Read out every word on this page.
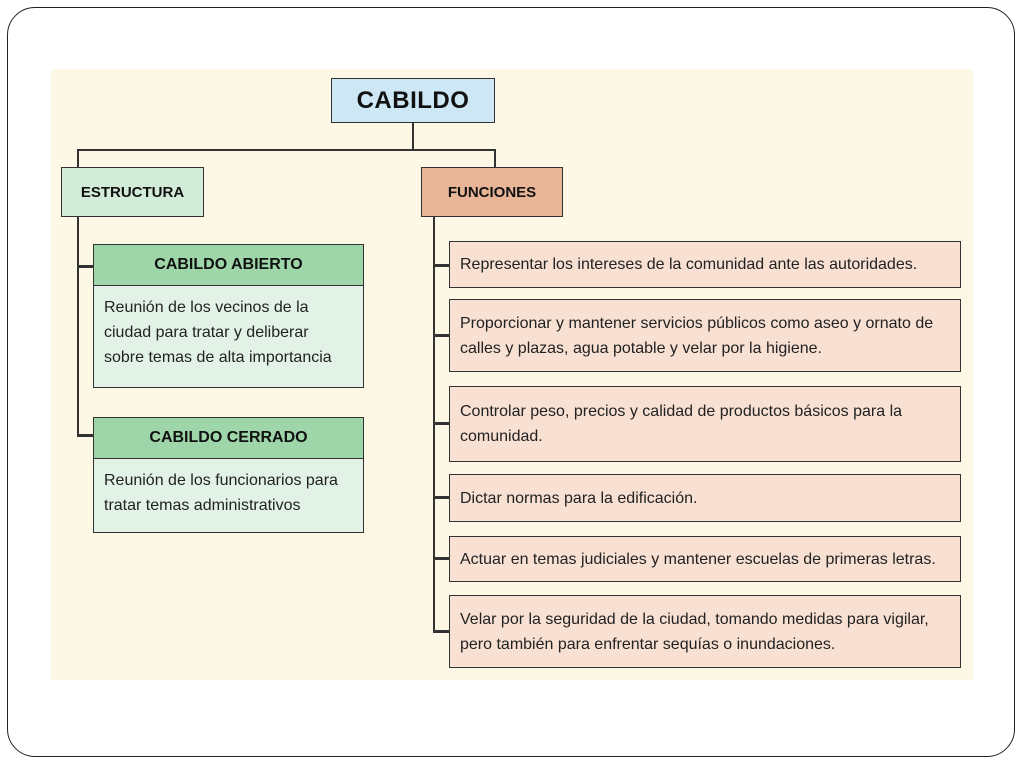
CABILDO
ESTRUCTURA	FUNCIONES
CABILDO ABIERTO
Reunión de los vecinos de la ciudad para tratar y deliberar sobre temas de alta importancia
CABILDO CERRADO
Reunión de los funcionarios para tratar temas administrativos
Representar los intereses de la comunidad ante las autoridades.
Proporcionar y mantener servicios públicos como aseo y ornato de calles y plazas, agua potable y velar por la higiene.
Controlar peso, precios y calidad de productos básicos para la comunidad.
Dictar normas para la edificación.
Actuar en temas judiciales y mantener escuelas de primeras letras.
Velar por la seguridad de la ciudad, tomando medidas para vigilar, pero también para enfrentar sequías o inundaciones.
